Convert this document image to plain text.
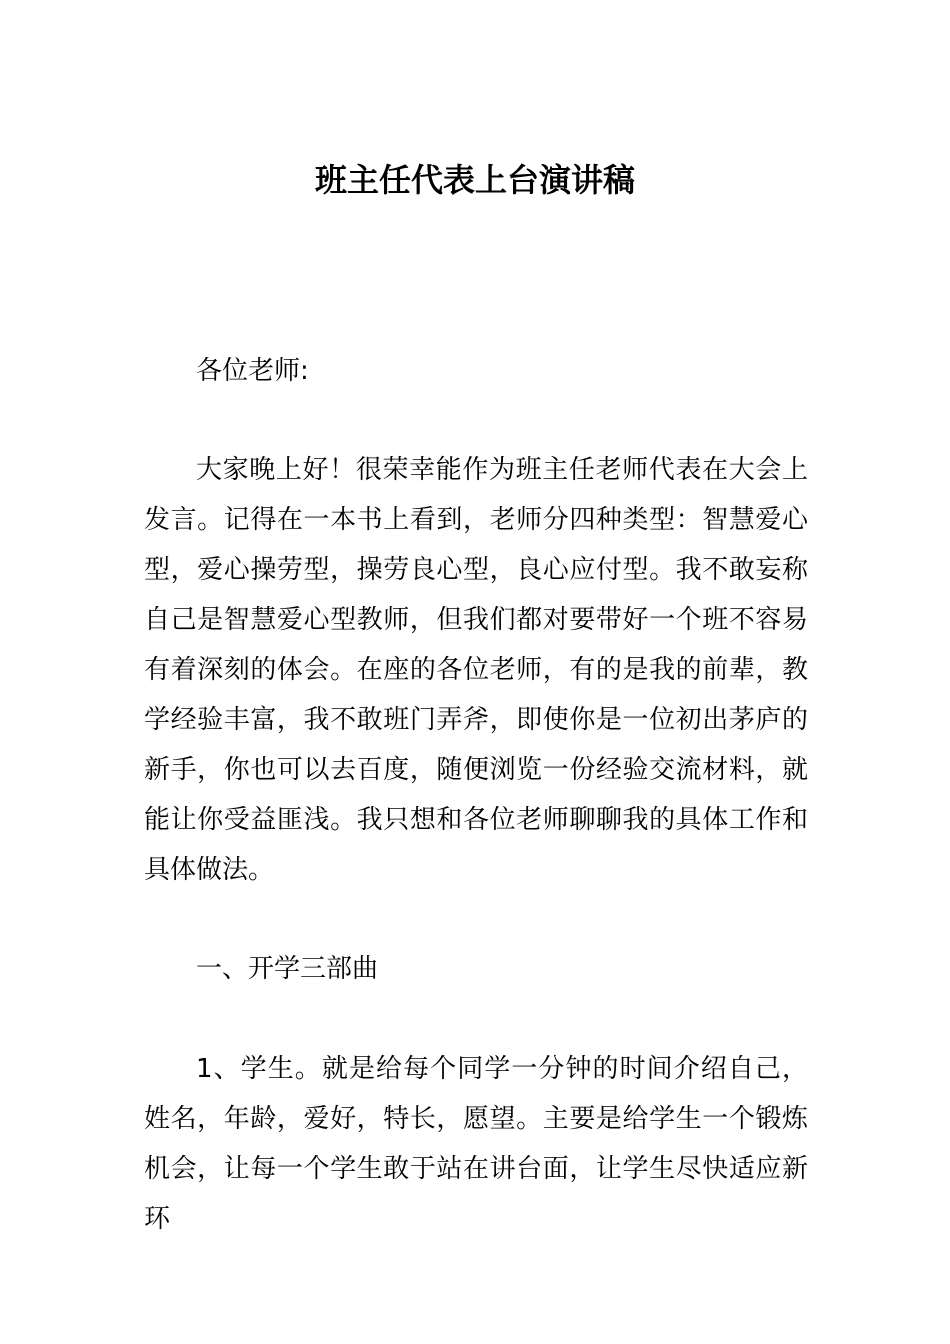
班主任代表上台演讲稿

各位老师:

大家晚上好！很荣幸能作为班主任老师代表在大会上发言。记得在一本书上看到，老师分四种类型：智慧爱心型，爱心操劳型，操劳良心型，良心应付型。我不敢妄称自己是智慧爱心型教师，但我们都对要带好一个班不容易有着深刻的体会。在座的各位老师，有的是我的前辈，教学经验丰富，我不敢班门弄斧，即使你是一位初出茅庐的新手，你也可以去百度，随便浏览一份经验交流材料，就能让你受益匪浅。我只想和各位老师聊聊我的具体工作和具体做法。

一、开学三部曲

1、学生。就是给每个同学一分钟的时间介绍自己，姓名，年龄，爱好，特长，愿望。主要是给学生一个锻炼机会，让每一个学生敢于站在讲台面，让学生尽快适应新环
